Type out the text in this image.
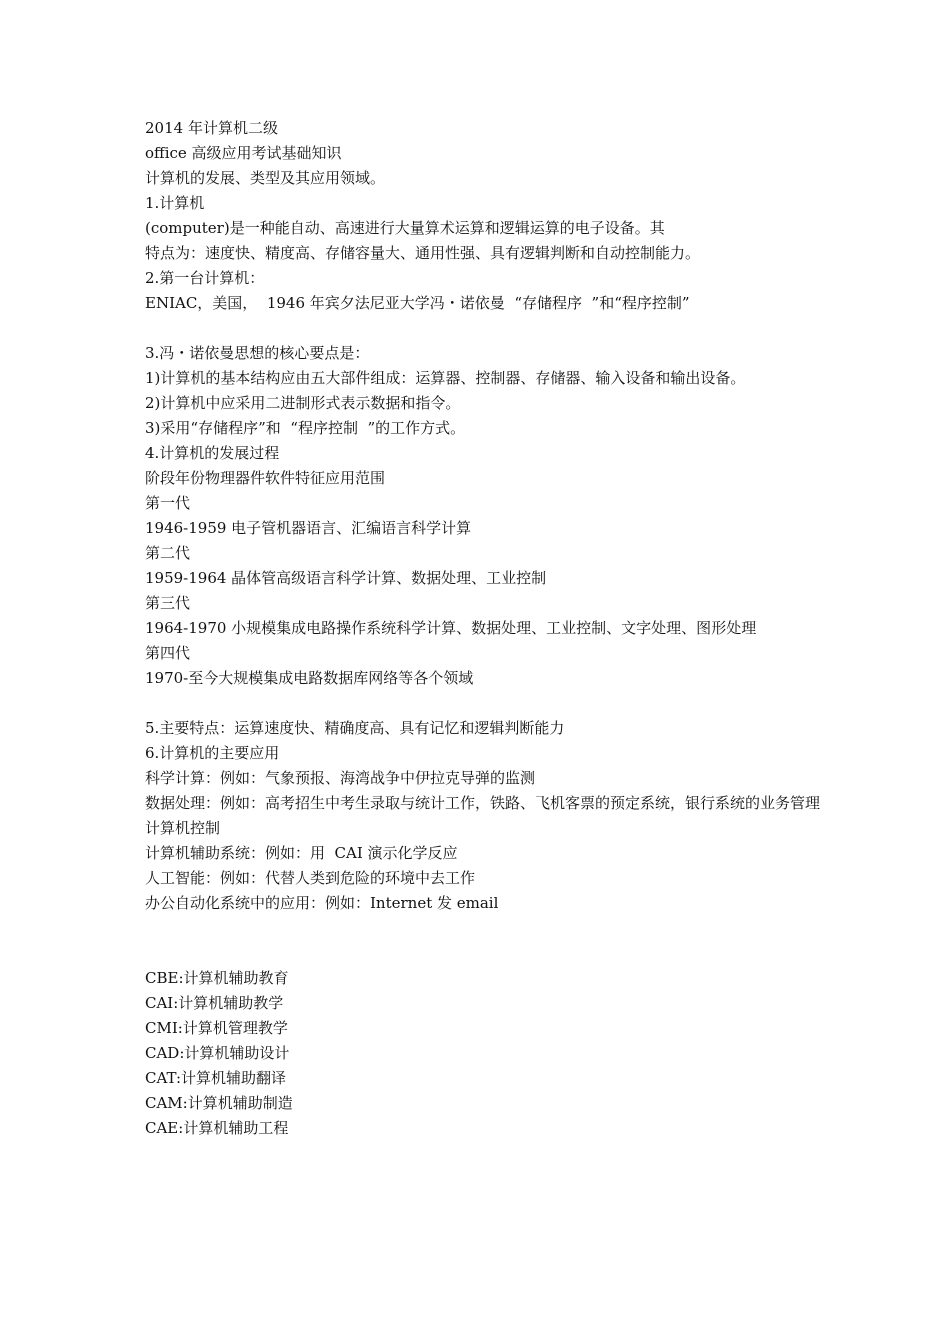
2014 年计算机二级
office 高级应用考试基础知识
计算机的发展、类型及其应用领域。
1.计算机
(computer)是一种能自动、高速进行大量算术运算和逻辑运算的电子设备。其
特点为：速度快、精度高、存储容量大、通用性强、具有逻辑判断和自动控制能力。
2.第一台计算机：
ENIAC，美国，  1946 年宾夕法尼亚大学冯・诺依曼  “存储程序  ”和“程序控制”
3.冯・诺依曼思想的核心要点是：
1)计算机的基本结构应由五大部件组成：运算器、控制器、存储器、输入设备和输出设备。
2)计算机中应采用二进制形式表示数据和指令。
3)采用“存储程序”和  “程序控制  ”的工作方式。
4.计算机的发展过程
阶段年份物理器件软件特征应用范围
第一代
1946-1959 电子管机器语言、汇编语言科学计算
第二代
1959-1964 晶体管高级语言科学计算、数据处理、工业控制
第三代
1964-1970 小规模集成电路操作系统科学计算、数据处理、工业控制、文字处理、图形处理
第四代
1970-至今大规模集成电路数据库网络等各个领域
5.主要特点：运算速度快、精确度高、具有记忆和逻辑判断能力
6.计算机的主要应用
科学计算：例如：气象预报、海湾战争中伊拉克导弹的监测
数据处理：例如：高考招生中考生录取与统计工作，铁路、飞机客票的预定系统，银行系统的业务管理
计算机控制
计算机辅助系统：例如：用  CAI 演示化学反应
人工智能：例如：代替人类到危险的环境中去工作
办公自动化系统中的应用：例如：Internet 发 email
CBE:计算机辅助教育
CAI:计算机辅助教学
CMI:计算机管理教学
CAD:计算机辅助设计
CAT:计算机辅助翻译
CAM:计算机辅助制造
CAE:计算机辅助工程
